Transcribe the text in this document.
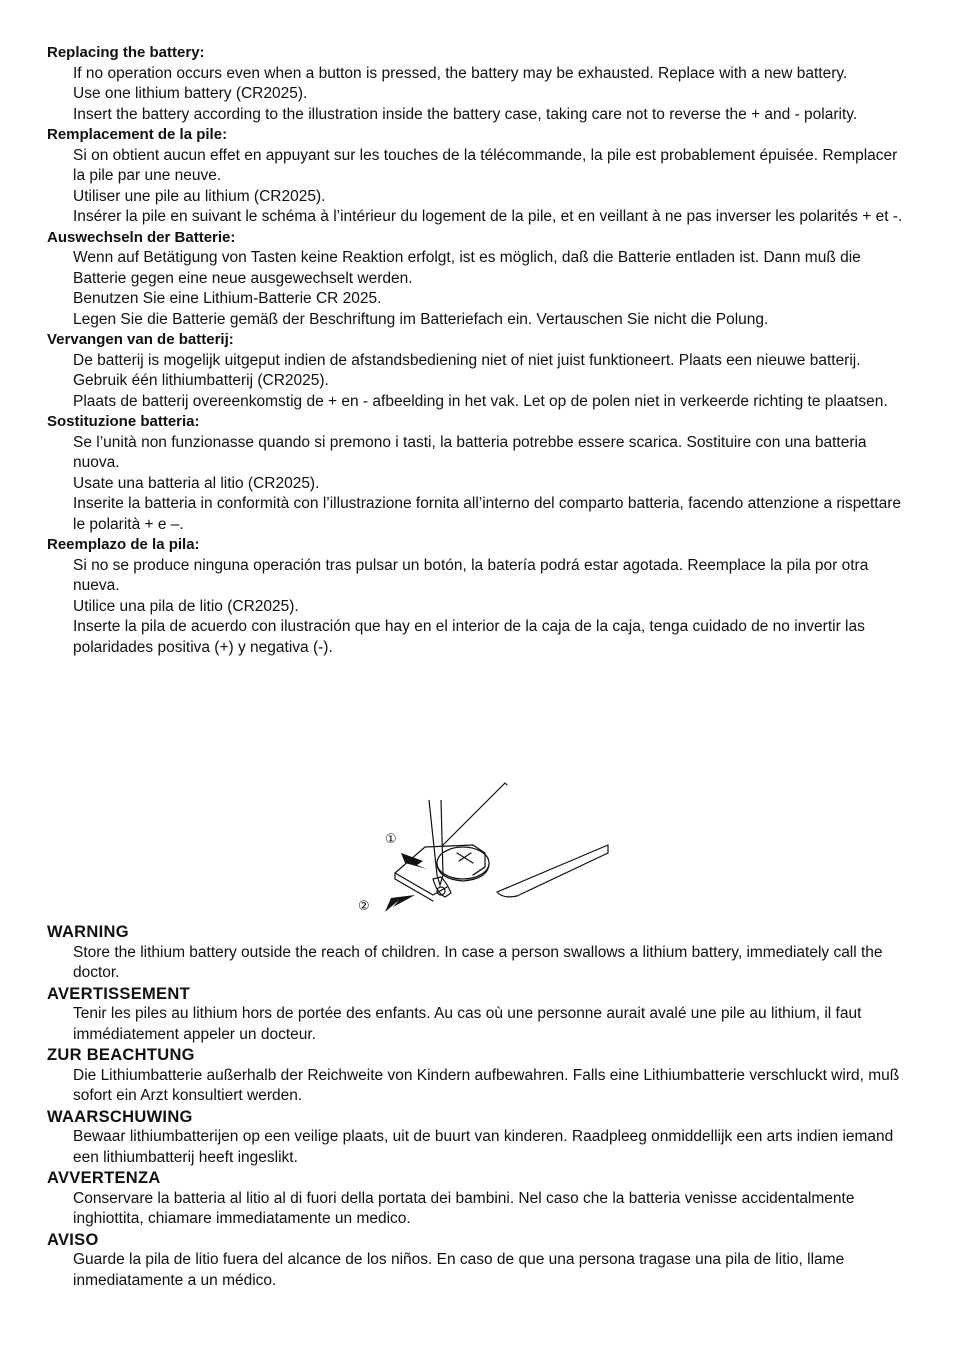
Replacing the battery:

If no operation occurs even when a button is pressed, the battery may be exhausted. Replace with a new battery.

Use one lithium battery (CR2025).

Insert the battery according to the illustration inside the battery case, taking care not to reverse the + and - polarity.

Remplacement de la pile:

Si on obtient aucun effet en appuyant sur les touches de la télécommande, la pile est probablement épuisée. Remplacer la pile par une neuve.

Utiliser une pile au lithium (CR2025).

Insérer la pile en suivant le schéma à l’intérieur du logement de la pile, et en veillant à ne pas inverser les polarités + et -.

Auswechseln der Batterie:

Wenn auf Betätigung von Tasten keine Reaktion erfolgt, ist es möglich, daß die Batterie entladen ist. Dann muß die Batterie gegen eine neue ausgewechselt werden.

Benutzen Sie eine Lithium-Batterie CR 2025.

Legen Sie die Batterie gemäß der Beschriftung im Batteriefach ein. Vertauschen Sie nicht die Polung.

Vervangen van de batterij:

De batterij is mogelijk uitgeput indien de afstandsbediening niet of niet juist funktioneert. Plaats een nieuwe batterij.

Gebruik één lithiumbatterij (CR2025).

Plaats de batterij overeenkomstig de + en - afbeelding in het vak. Let op de polen niet in verkeerde richting te plaatsen.

Sostituzione batteria:

Se l’unità non funzionasse quando si premono i tasti, la batteria potrebbe essere scarica. Sostituire con una batteria nuova.

Usate una batteria al litio (CR2025).

Inserite la batteria in conformità con l’illustrazione fornita all’interno del comparto batteria, facendo attenzione a rispettare le polarità + e –.

Reemplazo de la pila:

Si no se produce ninguna operación tras pulsar un botón, la batería podrá estar agotada. Reemplace la pila por otra nueva.

Utilice una pila de litio (CR2025).

Inserte la pila de acuerdo con ilustración que hay en el interior de la caja de la caja, tenga cuidado de no invertir las polaridades positiva (+) y negativa (-).

①
②

WARNING

Store the lithium battery outside the reach of children. In case a person swallows a lithium battery, immediately call the doctor.

AVERTISSEMENT

Tenir les piles au lithium hors de portée des enfants. Au cas où une personne aurait avalé une pile au lithium, il faut immédiatement appeler un docteur.

ZUR BEACHTUNG

Die Lithiumbatterie außerhalb der Reichweite von Kindern aufbewahren. Falls eine Lithiumbatterie verschluckt wird, muß sofort ein Arzt konsultiert werden.

WAARSCHUWING

Bewaar lithiumbatterijen op een veilige plaats, uit de buurt van kinderen. Raadpleeg onmiddellijk een arts indien iemand een lithiumbatterij heeft ingeslikt.

AVVERTENZA

Conservare la batteria al litio al di fuori della portata dei bambini. Nel caso che la batteria venisse accidentalmente inghiottita, chiamare immediatamente un medico.

AVISO

Guarde la pila de litio fuera del alcance de los niños. En caso de que una persona tragase una pila de litio, llame inmediatamente a un médico.
